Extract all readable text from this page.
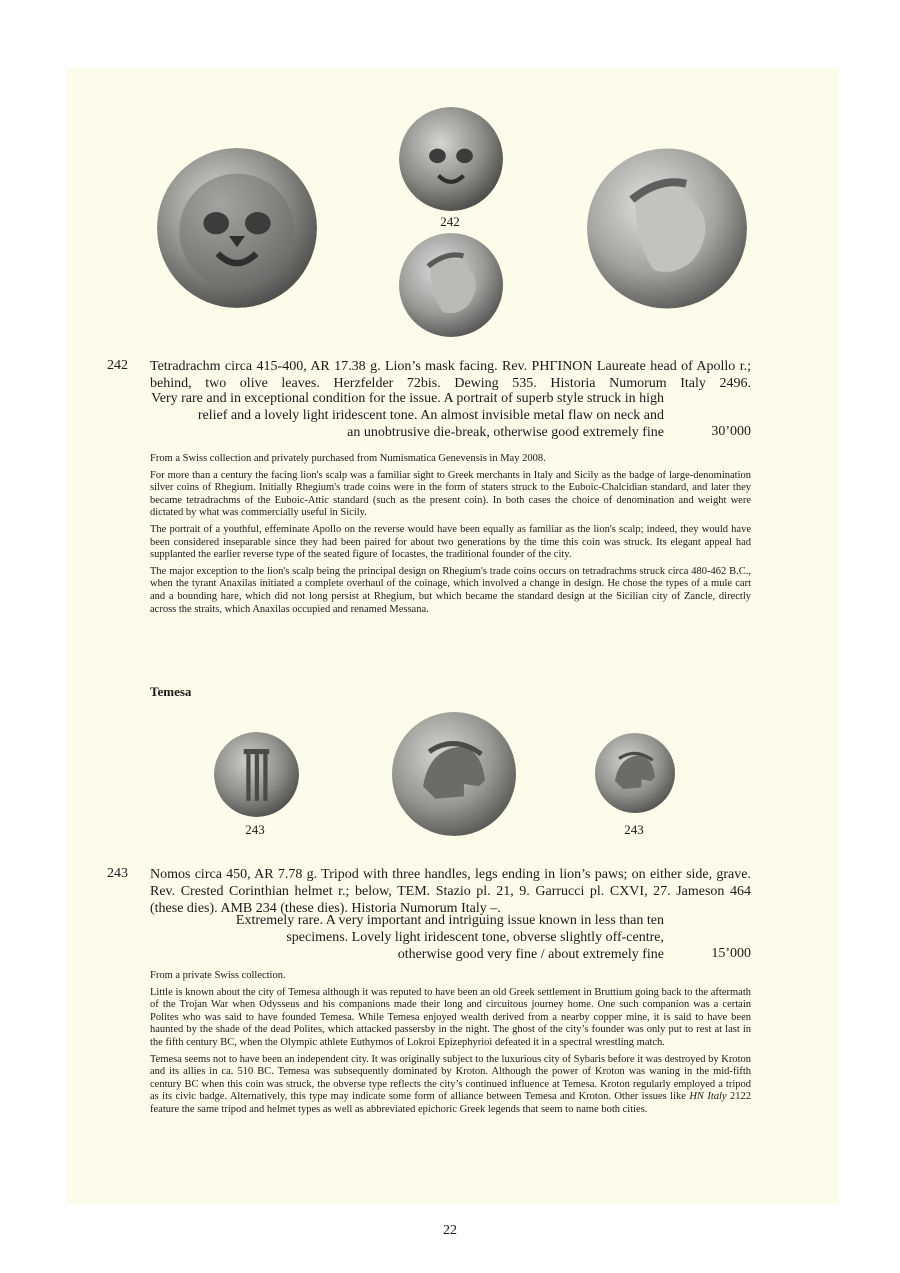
242
242 Tetradrachm circa 415-400, AR 17.38 g. Lion’s mask facing. Rev. ΡΗΓΙΝΟΝ Laureate head of Apollo r.; behind, two olive leaves. Herzfelder 72bis. Dewing 535. Historia Numorum Italy 2496.
Very rare and in exceptional condition for the issue. A portrait of superb style struck in high
relief and a lovely light iridescent tone. An almost invisible metal flaw on neck and
an unobtrusive die-break, otherwise good extremely fine	30’000

From a Swiss collection and privately purchased from Numismatica Genevensis in May 2008.

For more than a century the facing lion's scalp was a familiar sight to Greek merchants in Italy and Sicily as the badge of large-denomination silver coins of Rhegium. Initially Rhegium's trade coins were in the form of staters struck to the Euboic-Chalcidian standard, and later they became tetradrachms of the Euboic-Attic standard (such as the present coin). In both cases the choice of denomination and weight were dictated by what was commercially useful in Sicily.

The portrait of a youthful, effeminate Apollo on the reverse would have been equally as familiar as the lion's scalp; indeed, they would have been considered inseparable since they had been paired for about two generations by the time this coin was struck. Its elegant appeal had supplanted the earlier reverse type of the seated figure of Iocastes, the traditional founder of the city.

The major exception to the lion's scalp being the principal design on Rhegium's trade coins occurs on tetradrachms struck circa 480-462 B.C., when the tyrant Anaxilas initiated a complete overhaul of the coinage, which involved a change in design. He chose the types of a mule cart and a bounding hare, which did not long persist at Rhegium, but which became the standard design at the Sicilian city of Zancle, directly across the straits, which Anaxilas occupied and renamed Messana.

Temesa
243	243
243 Nomos circa 450, AR 7.78 g. Tripod with three handles, legs ending in lion’s paws; on either side, grave. Rev. Crested Corinthian helmet r.; below, TEM. Stazio pl. 21, 9. Garrucci pl. CXVI, 27. Jameson 464 (these dies). AMB 234 (these dies). Historia Numorum Italy –.
Extremely rare. A very important and intriguing issue known in less than ten
specimens. Lovely light iridescent tone, obverse slightly off-centre,
otherwise good very fine / about extremely fine	15’000

From a private Swiss collection.

Little is known about the city of Temesa although it was reputed to have been an old Greek settlement in Bruttium going back to the aftermath of the Trojan War when Odysseus and his companions made their long and circuitous journey home. One such companion was a certain Polites who was said to have founded Temesa. While Temesa enjoyed wealth derived from a nearby copper mine, it is said to have been haunted by the shade of the dead Polites, which attacked passersby in the night. The ghost of the city’s founder was only put to rest at last in the fifth century BC, when the Olympic athlete Euthymos of Lokroi Epizephyrioi defeated it in a spectral wrestling match.

Temesa seems not to have been an independent city. It was originally subject to the luxurious city of Sybaris before it was destroyed by Kroton and its allies in ca. 510 BC. Temesa was subsequently dominated by Kroton. Although the power of Kroton was waning in the mid-fifth century BC when this coin was struck, the obverse type reflects the city’s continued influence at Temesa. Kroton regularly employed a tripod as its civic badge. Alternatively, this type may indicate some form of alliance between Temesa and Kroton. Other issues like HN Italy 2122 feature the same tripod and helmet types as well as abbreviated epichoric Greek legends that seem to name both cities.

22
